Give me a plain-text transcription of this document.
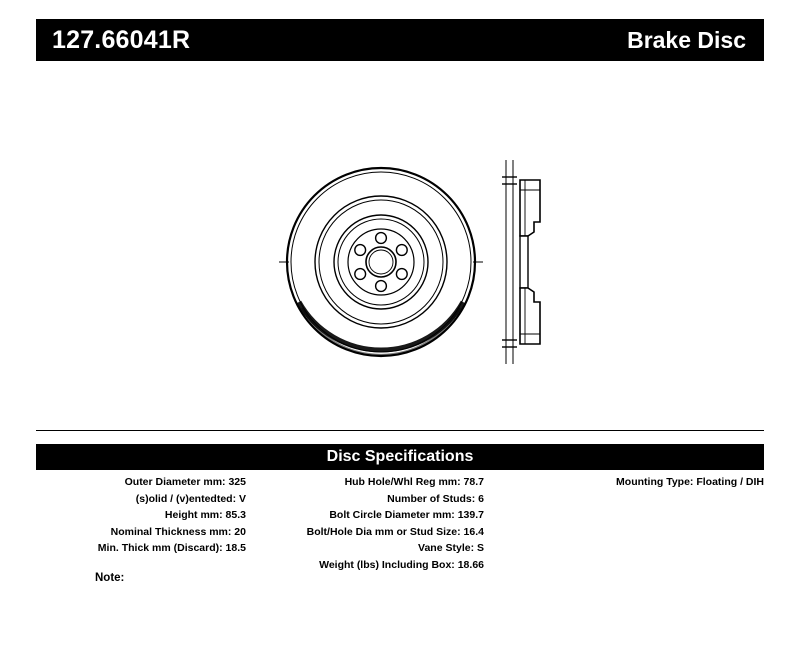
127.66041R	Brake Disc
Disc Specifications
Outer Diameter mm: 325
(s)olid / (v)entedted: V
Height mm: 85.3
Nominal Thickness mm: 20
Min. Thick mm (Discard): 18.5
Hub Hole/Whl Reg mm: 78.7
Number of Studs: 6
Bolt Circle Diameter mm: 139.7
Bolt/Hole Dia mm or Stud Size: 16.4
Vane Style: S
Weight (lbs) Including Box: 18.66
Mounting Type: Floating / DIH
Note:
